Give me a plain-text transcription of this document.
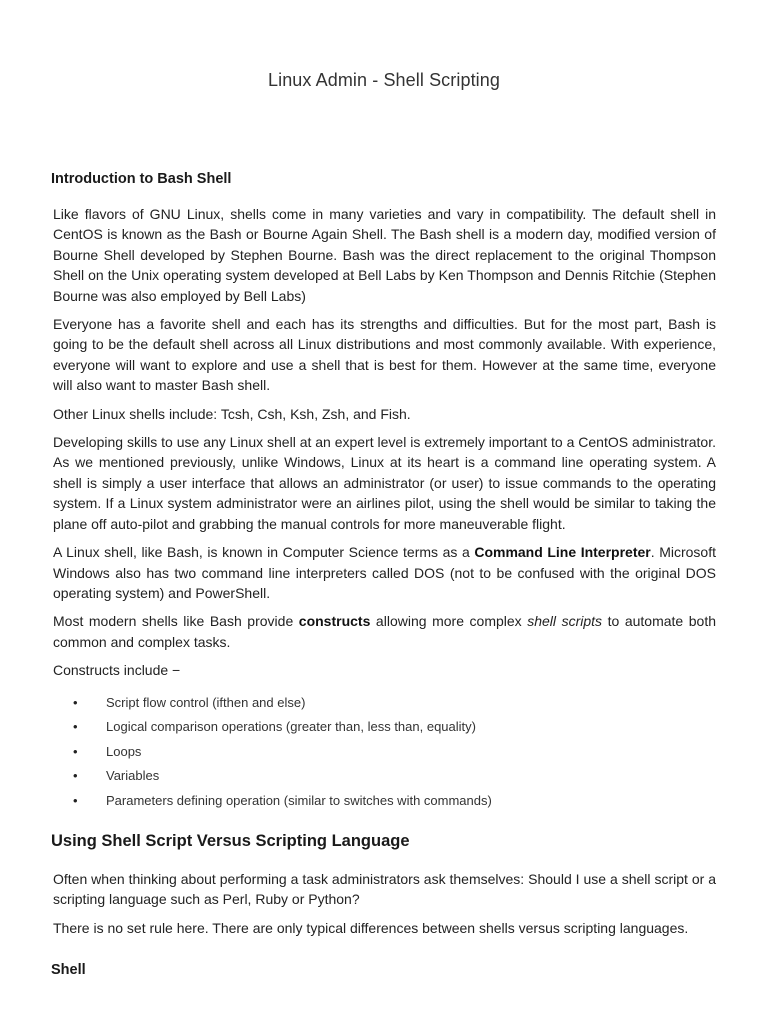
Linux Admin - Shell Scripting
Introduction to Bash Shell

Like flavors of GNU Linux, shells come in many varieties and vary in compatibility. The default shell in CentOS is known as the Bash or Bourne Again Shell. The Bash shell is a modern day, modified version of Bourne Shell developed by Stephen Bourne. Bash was the direct replacement to the original Thompson Shell on the Unix operating system developed at Bell Labs by Ken Thompson and Dennis Ritchie (Stephen Bourne was also employed by Bell Labs)

Everyone has a favorite shell and each has its strengths and difficulties. But for the most part, Bash is going to be the default shell across all Linux distributions and most commonly available. With experience, everyone will want to explore and use a shell that is best for them. However at the same time, everyone will also want to master Bash shell.

Other Linux shells include: Tcsh, Csh, Ksh, Zsh, and Fish.

Developing skills to use any Linux shell at an expert level is extremely important to a CentOS administrator. As we mentioned previously, unlike Windows, Linux at its heart is a command line operating system. A shell is simply a user interface that allows an administrator (or user) to issue commands to the operating system. If a Linux system administrator were an airlines pilot, using the shell would be similar to taking the plane off auto-pilot and grabbing the manual controls for more maneuverable flight.

A Linux shell, like Bash, is known in Computer Science terms as a Command Line Interpreter. Microsoft Windows also has two command line interpreters called DOS (not to be confused with the original DOS operating system) and PowerShell.

Most modern shells like Bash provide constructs allowing more complex shell scripts to automate both common and complex tasks.

Constructs include −

• Script flow control (ifthen and else)
• Logical comparison operations (greater than, less than, equality)
• Loops
• Variables
• Parameters defining operation (similar to switches with commands)
Using Shell Script Versus Scripting Language

Often when thinking about performing a task administrators ask themselves: Should I use a shell script or a scripting language such as Perl, Ruby or Python?

There is no set rule here. There are only typical differences between shells versus scripting languages.

Shell
